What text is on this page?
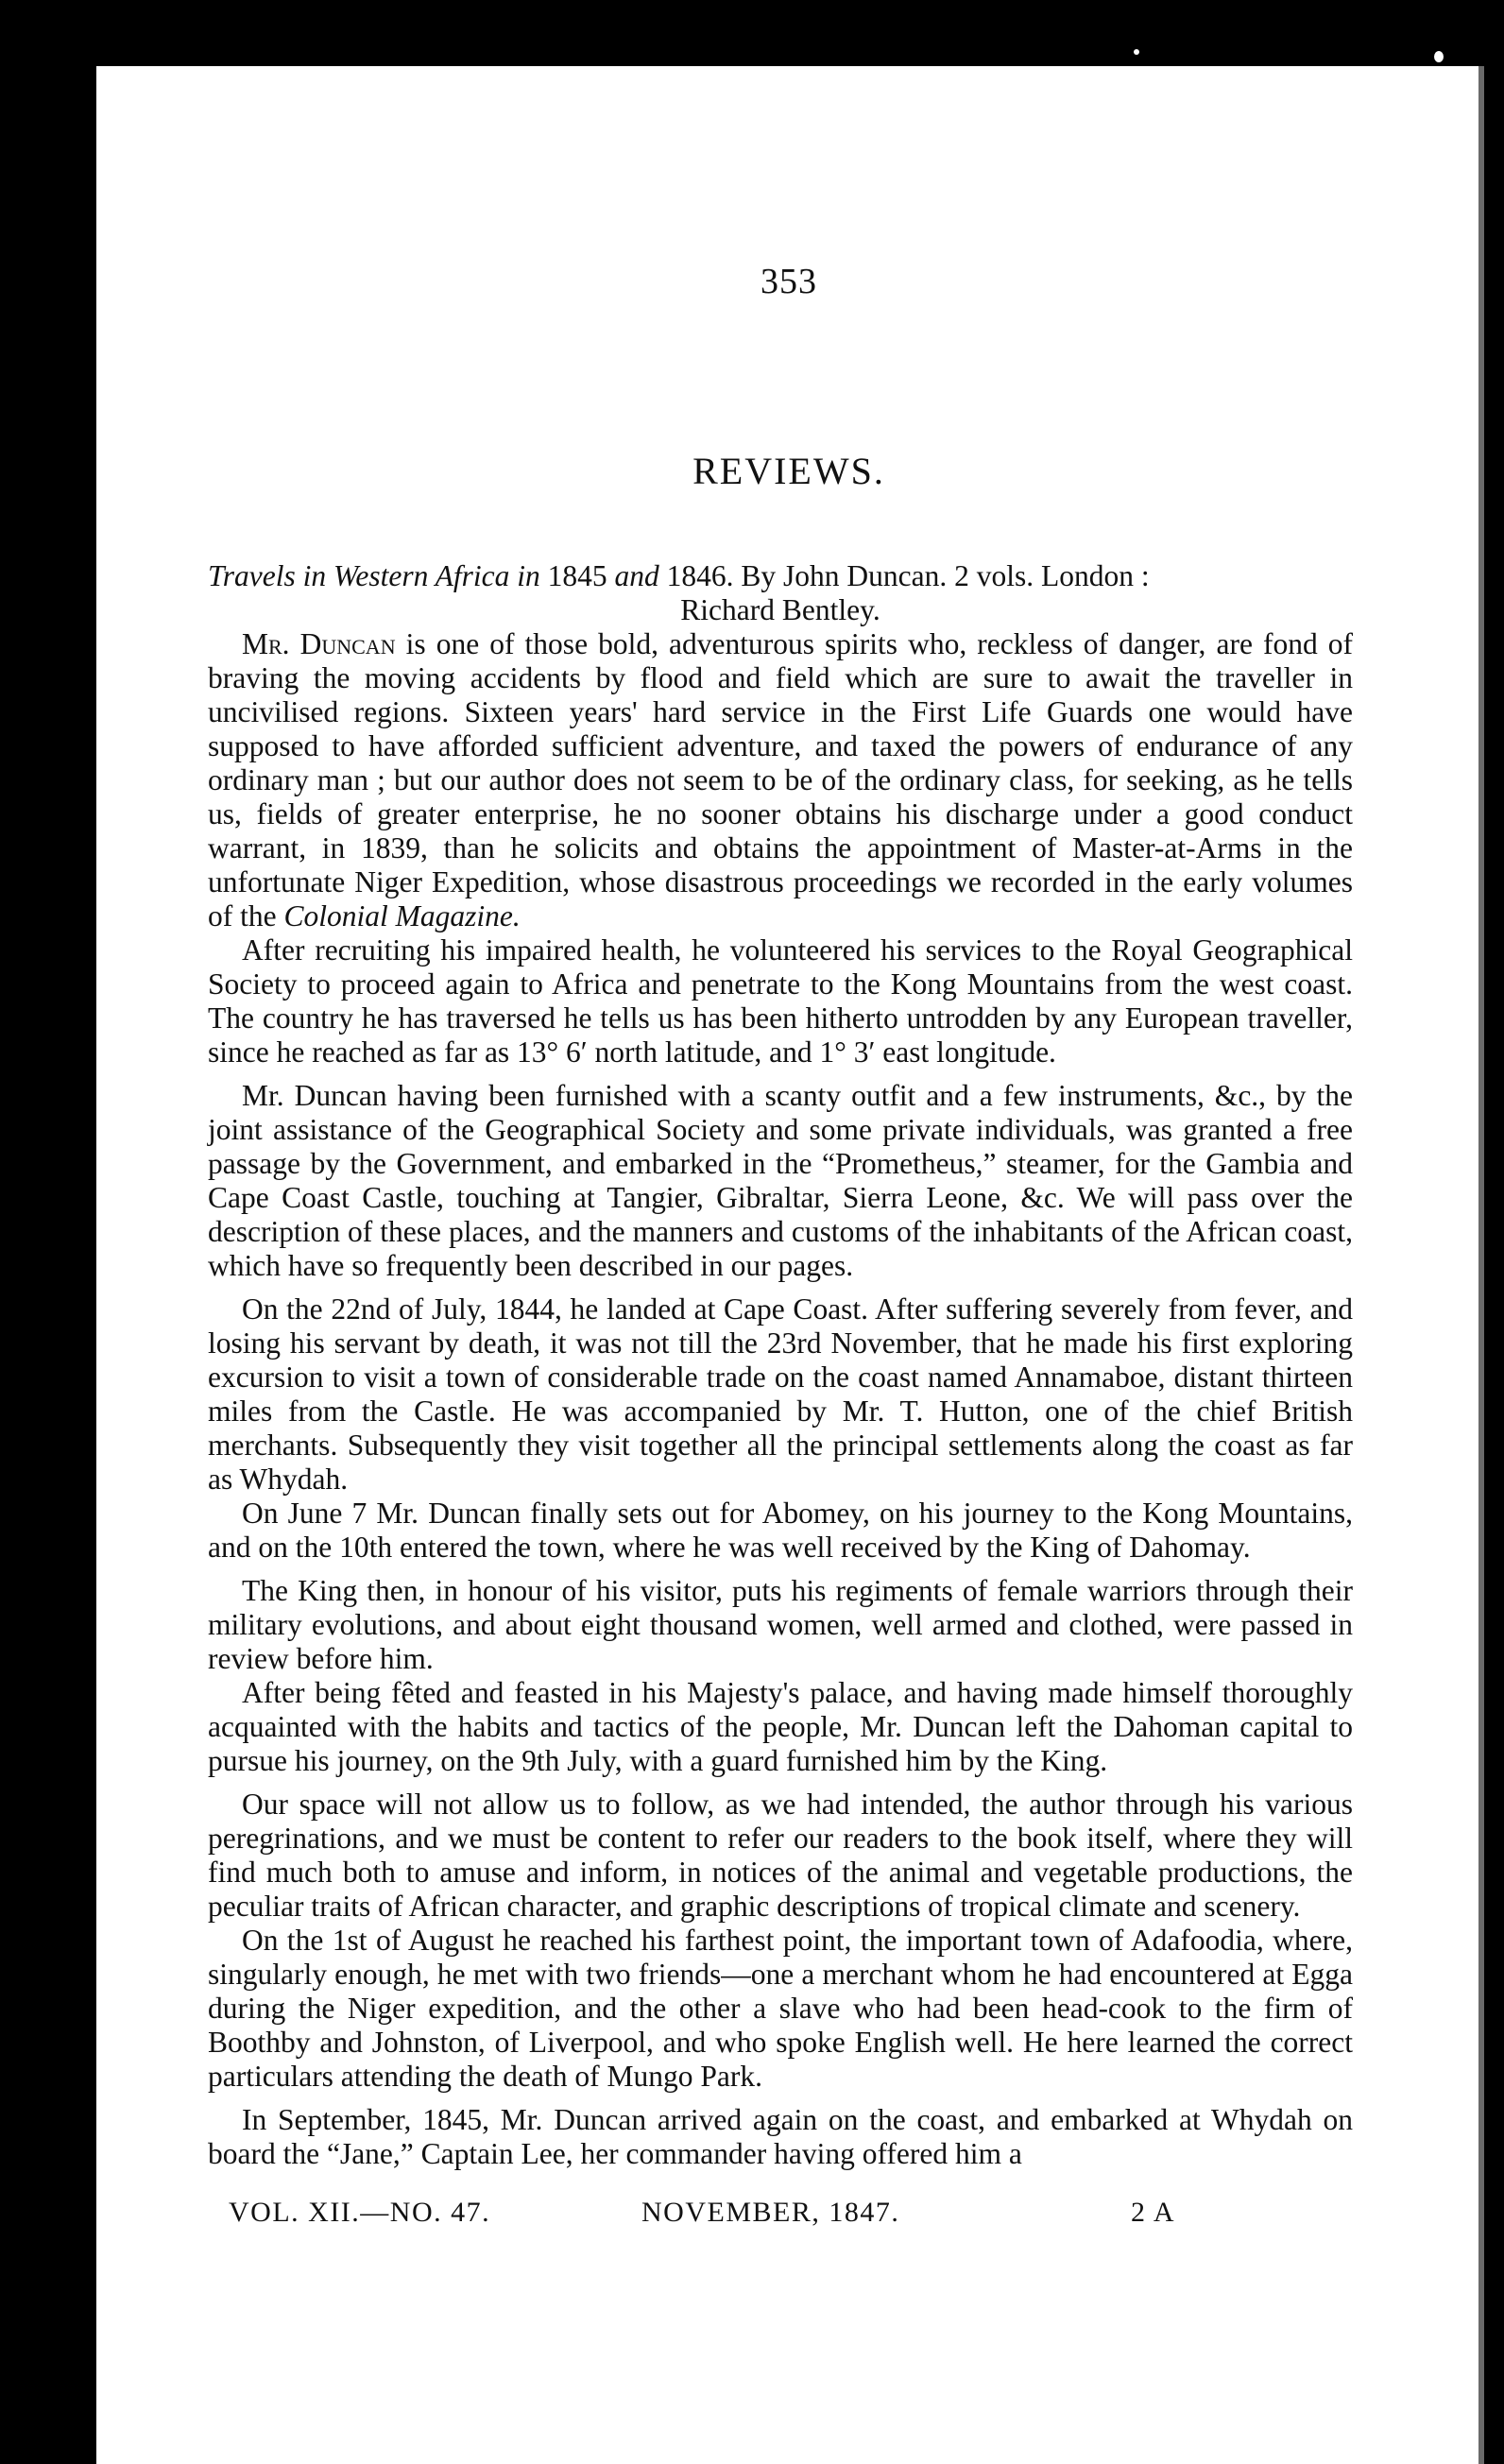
353
REVIEWS.
Travels in Western Africa in 1845 and 1846. By John Duncan. 2 vols. London :
Richard Bentley.

Mr. Duncan is one of those bold, adventurous spirits who, reckless of danger, are fond of braving the moving accidents by flood and field which are sure to await the traveller in uncivilised regions. Sixteen years' hard service in the First Life Guards one would have supposed to have afforded sufficient adventure, and taxed the powers of endurance of any ordinary man ; but our author does not seem to be of the ordinary class, for seeking, as he tells us, fields of greater enterprise, he no sooner obtains his discharge under a good conduct warrant, in 1839, than he solicits and obtains the appointment of Master-at-Arms in the unfortunate Niger Expedition, whose disastrous proceedings we recorded in the early volumes of the Colonial Magazine.

After recruiting his impaired health, he volunteered his services to the Royal Geographical Society to proceed again to Africa and penetrate to the Kong Mountains from the west coast. The country he has traversed he tells us has been hitherto untrodden by any European traveller, since he reached as far as 13° 6′ north latitude, and 1° 3′ east longitude.

Mr. Duncan having been furnished with a scanty outfit and a few instruments, &c., by the joint assistance of the Geographical Society and some private individuals, was granted a free passage by the Government, and embarked in the “Prometheus,” steamer, for the Gambia and Cape Coast Castle, touching at Tangier, Gibraltar, Sierra Leone, &c. We will pass over the description of these places, and the manners and customs of the inhabitants of the African coast, which have so frequently been described in our pages.

On the 22nd of July, 1844, he landed at Cape Coast. After suffering severely from fever, and losing his servant by death, it was not till the 23rd November, that he made his first exploring excursion to visit a town of considerable trade on the coast named Annamaboe, distant thirteen miles from the Castle. He was accompanied by Mr. T. Hutton, one of the chief British merchants. Subsequently they visit together all the principal settlements along the coast as far as Whydah.

On June 7 Mr. Duncan finally sets out for Abomey, on his journey to the Kong Mountains, and on the 10th entered the town, where he was well received by the King of Dahomay.

The King then, in honour of his visitor, puts his regiments of female warriors through their military evolutions, and about eight thousand women, well armed and clothed, were passed in review before him.

After being fêted and feasted in his Majesty's palace, and having made himself thoroughly acquainted with the habits and tactics of the people, Mr. Duncan left the Dahoman capital to pursue his journey, on the 9th July, with a guard furnished him by the King.

Our space will not allow us to follow, as we had intended, the author through his various peregrinations, and we must be content to refer our readers to the book itself, where they will find much both to amuse and inform, in notices of the animal and vegetable productions, the peculiar traits of African character, and graphic descriptions of tropical climate and scenery.

On the 1st of August he reached his farthest point, the important town of Adafoodia, where, singularly enough, he met with two friends—one a merchant whom he had encountered at Egga during the Niger expedition, and the other a slave who had been head-cook to the firm of Boothby and Johnston, of Liverpool, and who spoke English well. He here learned the correct particulars attending the death of Mungo Park.

In September, 1845, Mr. Duncan arrived again on the coast, and embarked at Whydah on board the “Jane,” Captain Lee, her commander having offered him a

VOL. XII.—NO. 47.	NOVEMBER, 1847.	2 A
